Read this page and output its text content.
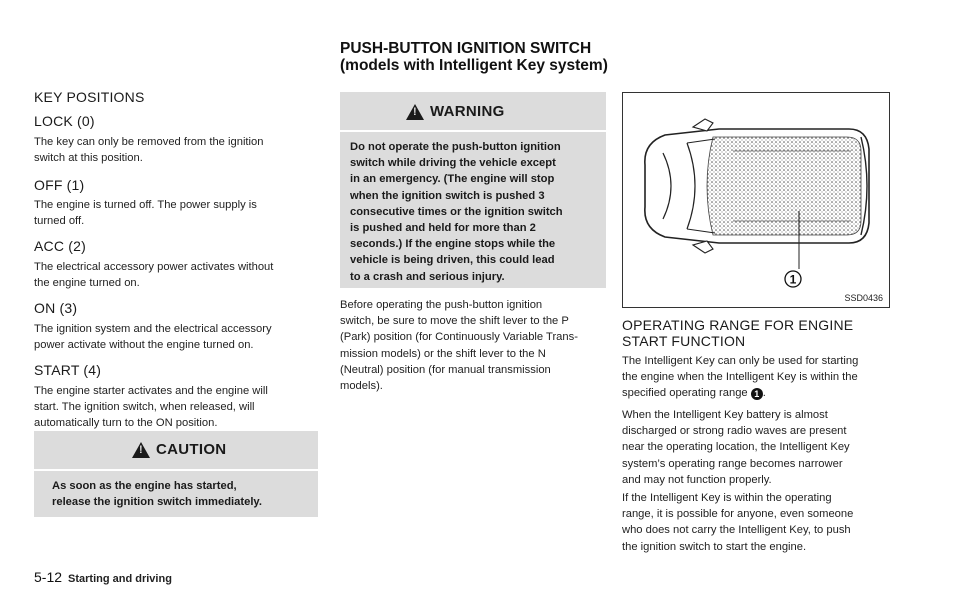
PUSH-BUTTON IGNITION SWITCH
(models with Intelligent Key system)
KEY POSITIONS
LOCK (0)
The key can only be removed from the ignition
switch at this position.
OFF (1)
The engine is turned off. The power supply is
turned off.
ACC (2)
The electrical accessory power activates without
the engine turned on.
ON (3)
The ignition system and the electrical accessory
power activate without the engine turned on.
START (4)
The engine starter activates and the engine will
start. The ignition switch, when released, will
automatically turn to the ON position.
!
CAUTION
As soon as the engine has started,
release the ignition switch immediately.
!
WARNING
Do not operate the push-button ignition
switch while driving the vehicle except
in an emergency. (The engine will stop
when the ignition switch is pushed 3
consecutive times or the ignition switch
is pushed and held for more than 2
seconds.) If the engine stops while the
vehicle is being driven, this could lead
to a crash and serious injury.
Before operating the push-button ignition
switch, be sure to move the shift lever to the P
(Park) position (for Continuously Variable Trans-
mission models) or the shift lever to the N
(Neutral) position (for manual transmission
models).
1
SSD0436
OPERATING RANGE FOR ENGINE
START FUNCTION
The Intelligent Key can only be used for starting
the engine when the Intelligent Key is within the
specified operating range 1 .
When the Intelligent Key battery is almost
discharged or strong radio waves are present
near the operating location, the Intelligent Key
system’s operating range becomes narrower
and may not function properly.
If the Intelligent Key is within the operating
range, it is possible for anyone, even someone
who does not carry the Intelligent Key, to push
the ignition switch to start the engine.
5-12 Starting and driving
